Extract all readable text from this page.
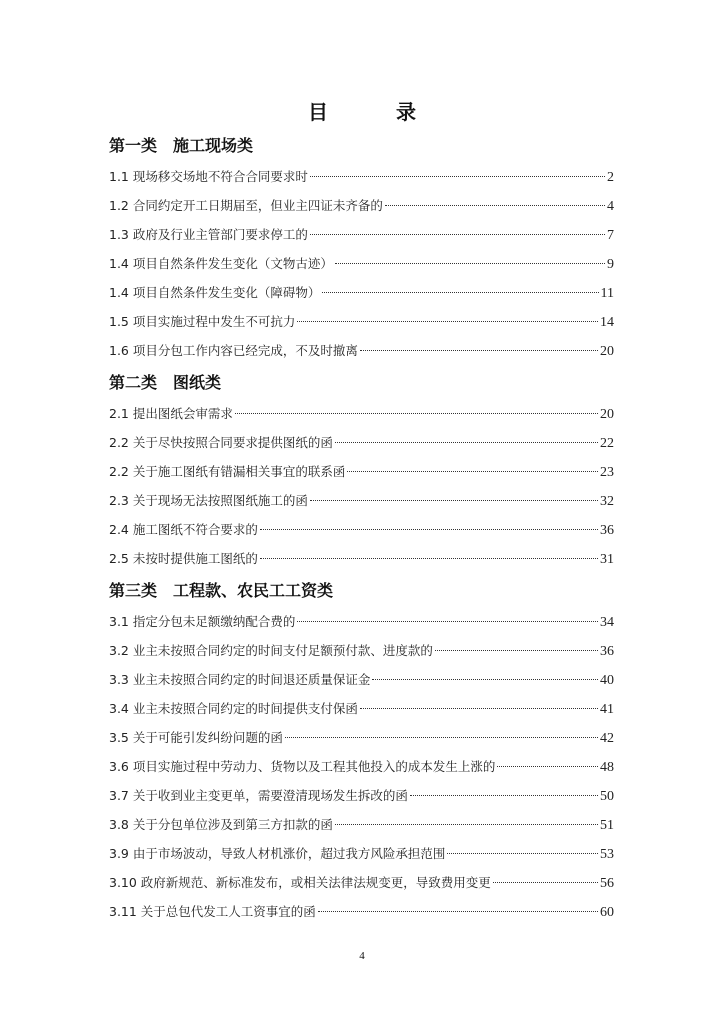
目　录
第一类　施工现场类
1.1 现场移交场地不符合合同要求时	2
1.2 合同约定开工日期届至，但业主四证未齐备的	4
1.3 政府及行业主管部门要求停工的	7
1.4 项目自然条件发生变化（文物古迹）	9
1.4 项目自然条件发生变化（障碍物）	11
1.5 项目实施过程中发生不可抗力	14
1.6 项目分包工作内容已经完成，不及时撤离	20
第二类　图纸类
2.1 提出图纸会审需求	20
2.2 关于尽快按照合同要求提供图纸的函	22
2.2 关于施工图纸有错漏相关事宜的联系函	23
2.3 关于现场无法按照图纸施工的函	32
2.4 施工图纸不符合要求的	36
2.5 未按时提供施工图纸的	31
第三类　工程款、农民工工资类
3.1 指定分包未足额缴纳配合费的	34
3.2 业主未按照合同约定的时间支付足额预付款、进度款的	36
3.3 业主未按照合同约定的时间退还质量保证金	40
3.4 业主未按照合同约定的时间提供支付保函	41
3.5 关于可能引发纠纷问题的函	42
3.6 项目实施过程中劳动力、货物以及工程其他投入的成本发生上涨的	48
3.7 关于收到业主变更单，需要澄清现场发生拆改的函	50
3.8 关于分包单位涉及到第三方扣款的函	51
3.9 由于市场波动，导致人材机涨价，超过我方风险承担范围	53
3.10 政府新规范、新标准发布，或相关法律法规变更，导致费用变更	56
3.11 关于总包代发工人工资事宜的函	60
4
